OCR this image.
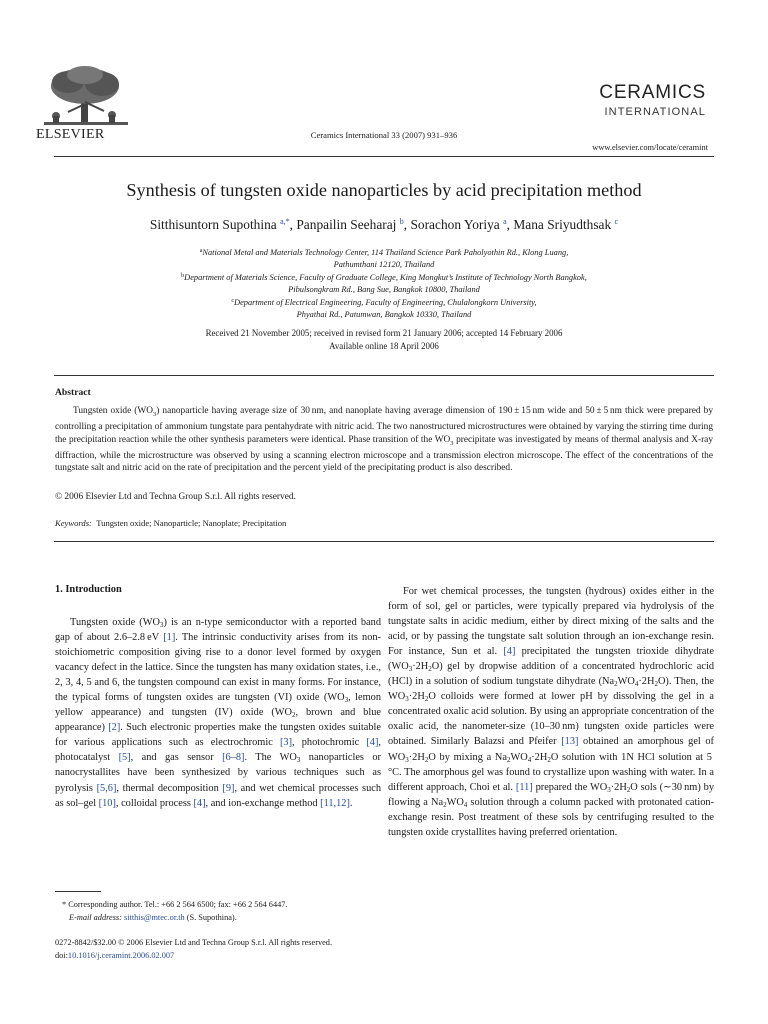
ELSEVIER	Ceramics International 33 (2007) 931–936
CERAMICS
INTERNATIONAL
www.elsevier.com/locate/ceramint
Synthesis of tungsten oxide nanoparticles by acid precipitation method
Sitthisuntorn Supothina $^{a,*}$, Panpailin Seeharaj $^b$, Sorachon Yoriya $^a$, Mana Sriyudthsak $^c$
$^a$National Metal and Materials Technology Center, 114 Thailand Science Park Paholyothin Rd., Klong Luang,
Pathumthani 12120, Thailand
$^b$Department of Materials Science, Faculty of Graduate College, King Mongkut’s Institute of Technology North Bangkok,
Pibulsongkram Rd., Bang Sue, Bangkok 10800, Thailand
$^c$Department of Electrical Engineering, Faculty of Engineering, Chulalongkorn University,
Phyathai Rd., Patumwan, Bangkok 10330, Thailand
Received 21 November 2005; received in revised form 21 January 2006; accepted 14 February 2006
Available online 18 April 2006
Abstract

Tungsten oxide $(WO_3)$ nanoparticle having average size of 30 nm, and nanoplate having average dimension of 190 ± 15 nm wide and 50 ± 5 nm thick were prepared by controlling a precipitation of ammonium tungstate para pentahydrate with nitric acid. The two nanostructured microstructures were obtained by varying the stirring time during the precipitation reaction while the other synthesis parameters were identical. Phase transition of the $WO_3$ precipitate was investigated by means of thermal analysis and X-ray diffraction, while the microstructure was observed by using a scanning electron microscope and a transmission electron microscope. The effect of the concentrations of the tungstate salt and nitric acid on the rate of precipitation and the percent yield of the precipitating product is also described.

© 2006 Elsevier Ltd and Techna Group S.r.l. All rights reserved.
Keywords: Tungsten oxide; Nanoparticle; Nanoplate; Precipitation
1. Introduction

Tungsten oxide $(WO_3)$ is an n-type semiconductor with a reported band gap of about 2.6–2.8 eV [1]. The intrinsic conductivity arises from its non-stoichiometric composition giving rise to a donor level formed by oxygen vacancy defect in the lattice. Since the tungsten has many oxidation states, i.e., 2, 3, 4, 5 and 6, the tungsten compound can exist in many forms. For instance, the typical forms of tungsten oxides are tungsten (VI) oxide ($WO_3$, lemon yellow appearance) and tungsten (IV) oxide ($WO_2$, brown and blue appearance) [2]. Such electronic properties make the tungsten oxides suitable for various applications such as electrochromic [3], photochromic [4], photocatalyst [5], and gas sensor [6–8]. The $WO_3$ nanoparticles or nanocrystallites have been synthesized by various techniques such as pyrolysis [5,6], thermal decomposition [9], and wet chemical processes such as sol–gel [10], colloidal process [4], and ion-exchange method [11,12].

For wet chemical processes, the tungsten (hydrous) oxides either in the form of sol, gel or particles, were typically prepared via hydrolysis of the tungstate salts in acidic medium, either by direct mixing of the salts and the acid, or by passing the tungstate salt solution through an ion-exchange resin. For instance, Sun et al. [4] precipitated the tungsten trioxide dihydrate $(WO_3\cdot 2H_2O)$ gel by dropwise addition of a concentrated hydrochloric acid (HCl) in a solution of sodium tungstate dihydrate $(Na_2WO_4\cdot 2H_2O)$. Then, the $WO_3\cdot 2H_2O$ colloids were formed at lower pH by dissolving the gel in a concentrated oxalic acid solution. By using an appropriate concentration of the oxalic acid, the nanometer-size (10–30 nm) tungsten oxide particles were obtained. Similarly Balazsi and Pfeifer [13] obtained an amorphous gel of $WO_3\cdot 2H_2O$ by mixing a $Na_2WO_4\cdot 2H_2O$ solution with 1N HCl solution at 5 °C. The amorphous gel was found to crystallize upon washing with water. In a different approach, Choi et al. [11] prepared the $WO_3\cdot 2H_2O$ sols (∼30 nm) by flowing a $Na_2WO_4$ solution through a column packed with protonated cation-exchange resin. Post treatment of these sols by centrifuging resulted to the tungsten oxide crystallites having preferred orientation.

* Corresponding author. Tel.: +66 2 564 6500; fax: +66 2 564 6447.
E-mail address: sitthis@mtec.or.th (S. Supothina).
0272-8842/$32.00 © 2006 Elsevier Ltd and Techna Group S.r.l. All rights reserved.
doi:10.1016/j.ceramint.2006.02.007
